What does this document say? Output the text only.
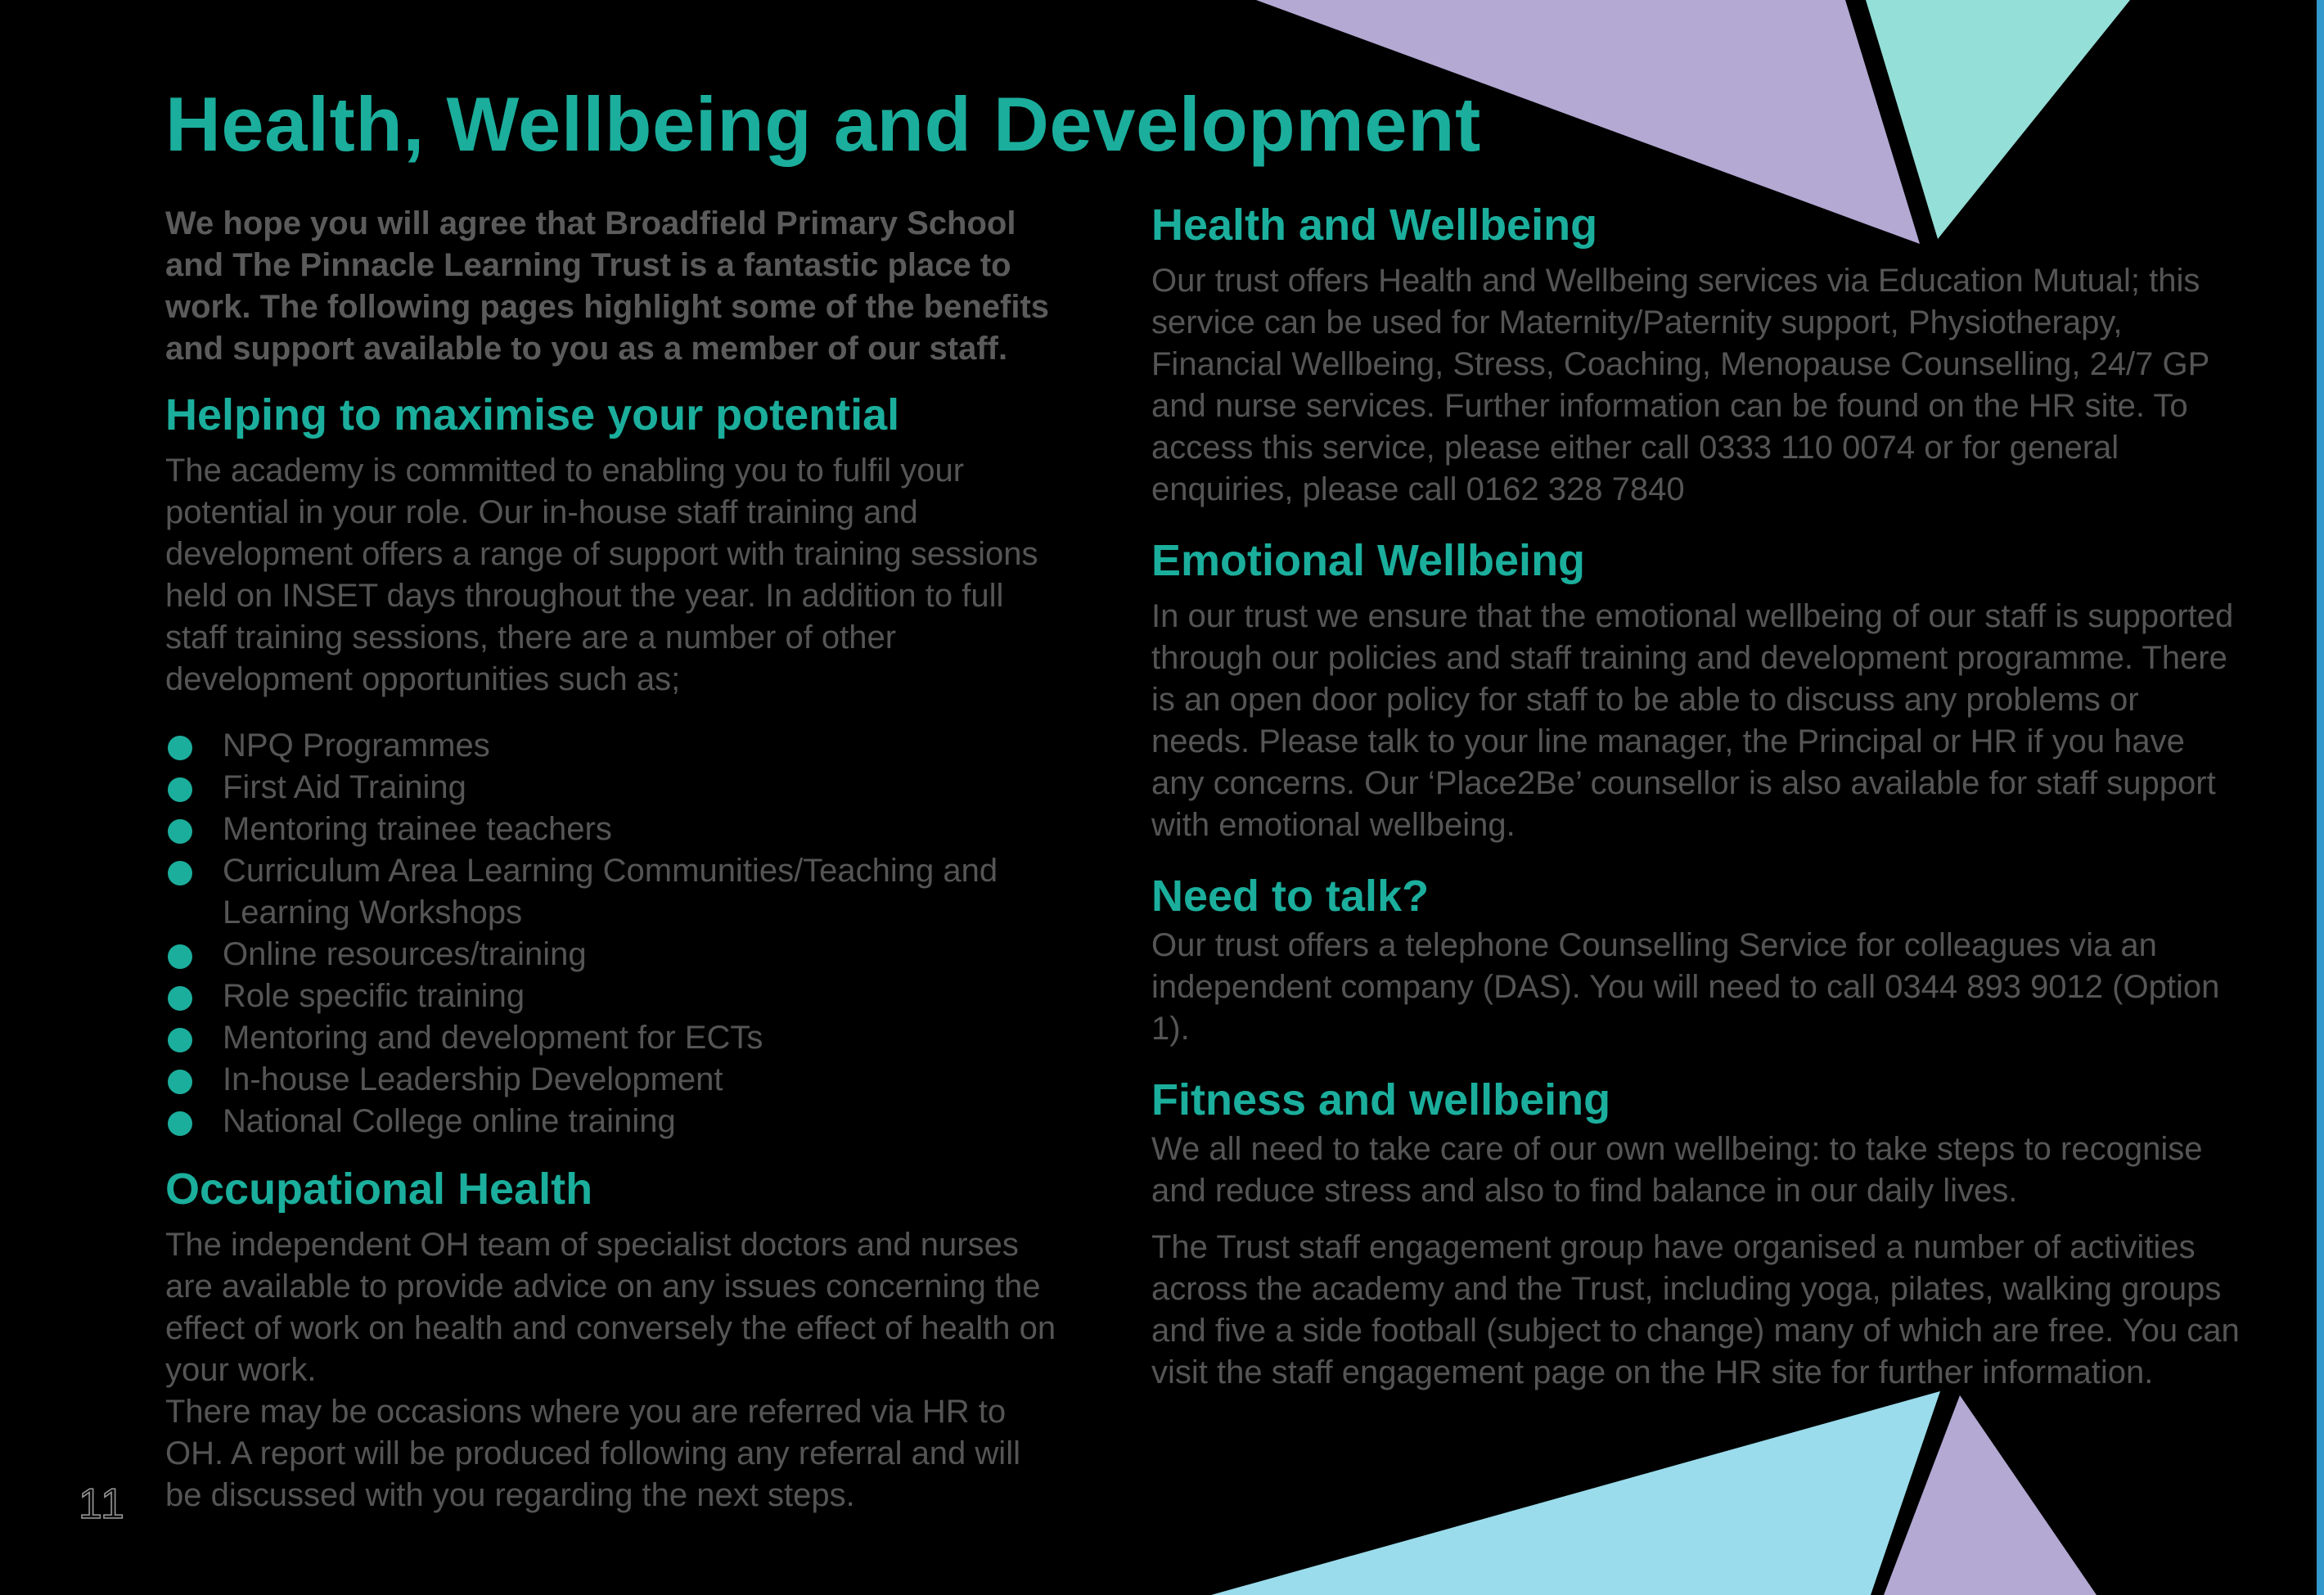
Health, Wellbeing and Development

We hope you will agree that Broadfield Primary School and The Pinnacle Learning Trust is a fantastic place to work. The following pages highlight some of the benefits and support available to you as a member of our staff.

Helping to maximise your potential

The academy is committed to enabling you to fulfil your potential in your role. Our in-house staff training and development offers a range of support with training sessions held on INSET days throughout the year. In addition to full staff training sessions, there are a number of other development opportunities such as;

NPQ Programmes
First Aid Training
Mentoring trainee teachers
Curriculum Area Learning Communities/Teaching and Learning Workshops
Online resources/training
Role specific training
Mentoring and development for ECTs
In-house Leadership Development
National College online training
Occupational Health

The independent OH team of specialist doctors and nurses are available to provide advice on any issues concerning the effect of work on health and conversely the effect of health on your work.

There may be occasions where you are referred via HR to OH. A report will be produced following any referral and will be discussed with you regarding the next steps.

Health and Wellbeing

Our trust offers Health and Wellbeing services via Education Mutual; this service can be used for Maternity/Paternity support, Physiotherapy, Financial Wellbeing, Stress, Coaching, Menopause Counselling, 24/7 GP and nurse services. Further information can be found on the HR site. To access this service, please either call 0333 110 0074 or for general enquiries, please call 0162 328 7840

Emotional Wellbeing

In our trust we ensure that the emotional wellbeing of our staff is supported through our policies and staff training and development programme. There is an open door policy for staff to be able to discuss any problems or needs. Please talk to your line manager, the Principal or HR if you have any concerns. Our ‘Place2Be’ counsellor is also available for staff support with emotional wellbeing.

Need to talk?

Our trust offers a telephone Counselling Service for colleagues via an independent company (DAS). You will need to call 0344 893 9012 (Option 1).

Fitness and wellbeing

We all need to take care of our own wellbeing: to take steps to recognise and reduce stress and also to find balance in our daily lives.

The Trust staff engagement group have organised a number of activities across the academy and the Trust, including yoga, pilates, walking groups and five a side football (subject to change) many of which are free. You can visit the staff engagement page on the HR site for further information.

11
